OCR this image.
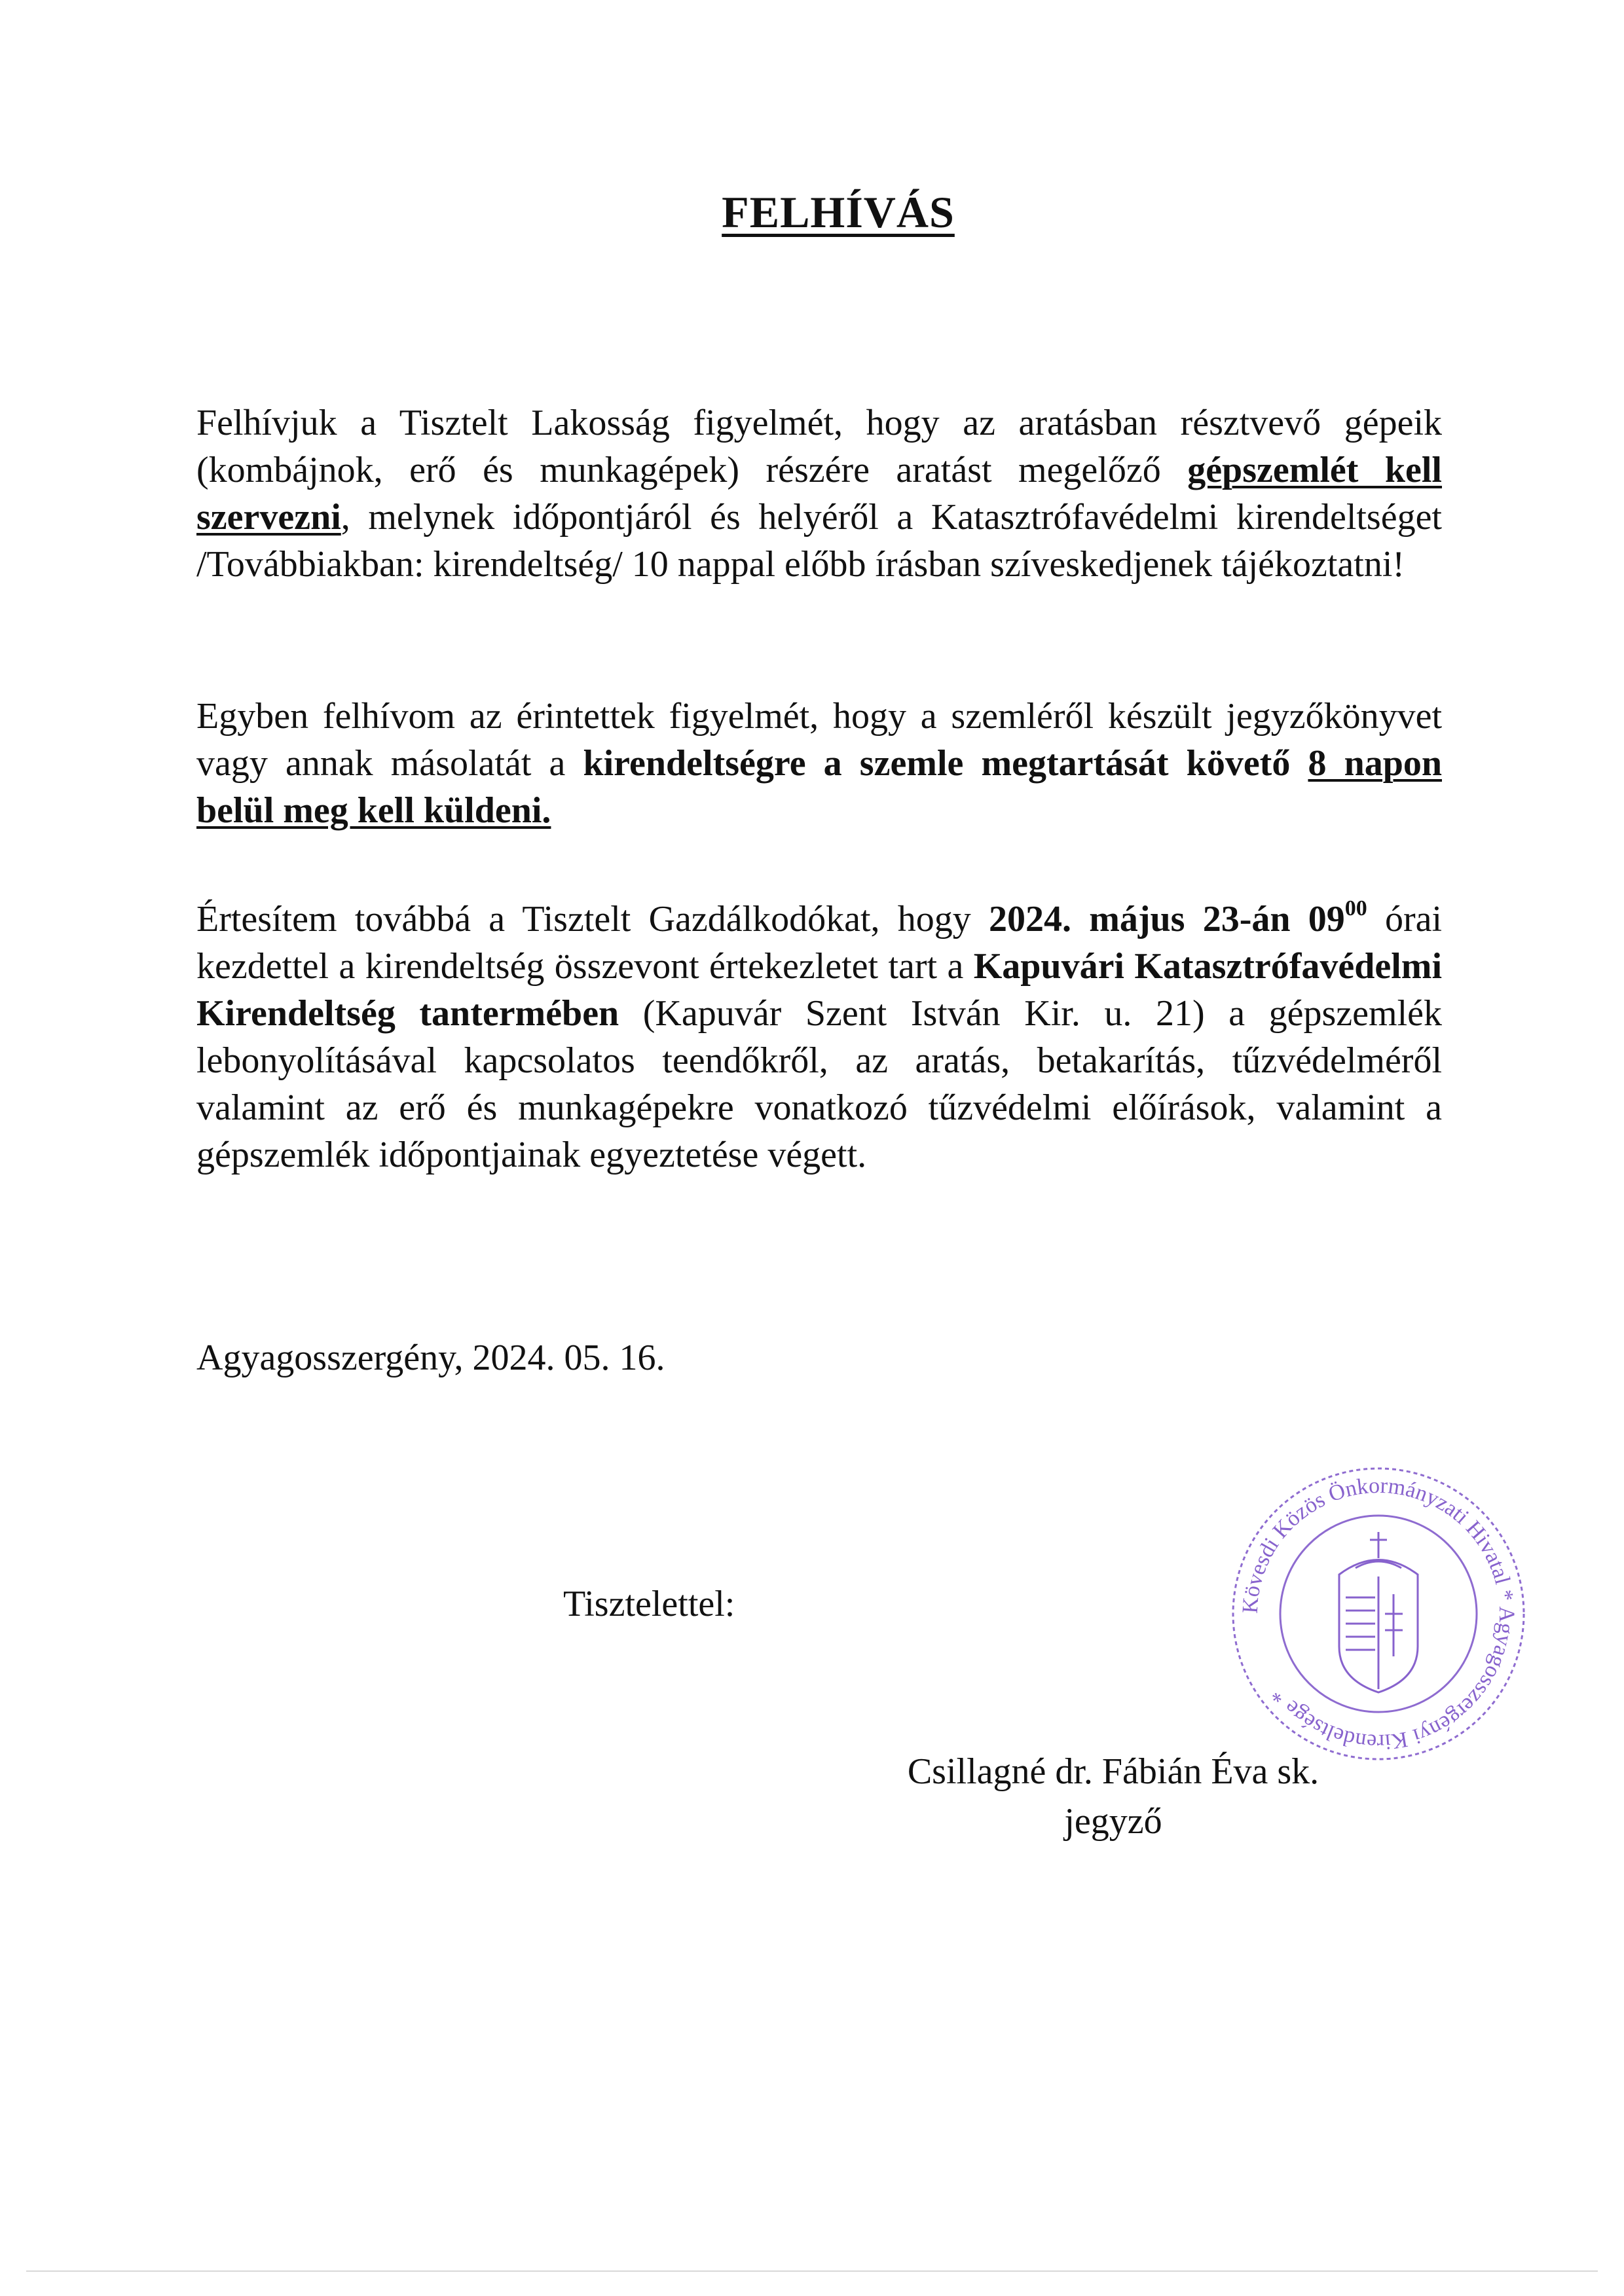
FELHÍVÁS
Felhívjuk a Tisztelt Lakosság figyelmét, hogy az aratásban résztvevő gépeik (kombájnok, erő és munkagépek) részére aratást megelőző gépszemlét kell szervezni, melynek időpontjáról és helyéről a Katasztrófavédelmi kirendeltséget /Továbbiakban: kirendeltség/ 10 nappal előbb írásban szíveskedjenek tájékoztatni!
Egyben felhívom az érintettek figyelmét, hogy a szemléről készült jegyzőkönyvet vagy annak másolatát a kirendeltségre a szemle megtartását követő 8 napon belül meg kell küldeni.
Értesítem továbbá a Tisztelt Gazdálkodókat, hogy 2024. május 23-án $09^{00}$ órai kezdettel a kirendeltség összevont értekezletet tart a Kapuvári Katasztrófavédelmi Kirendeltség tantermében (Kapuvár Szent István Kir. u. 21) a gépszemlék lebonyolításával kapcsolatos teendőkről, az aratás, betakarítás, tűzvédelméről valamint az erő és munkagépekre vonatkozó tűzvédelmi előírások, valamint a gépszemlék időpontjainak egyeztetése végett.
Agyagosszergény, 2024. 05. 16.
Tisztelettel:	Kövesdi Közös Önkormányzati Hivatal * Agyagosszergényi Kirendeltsége *
Csillagné dr. Fábián Éva sk.
jegyző
